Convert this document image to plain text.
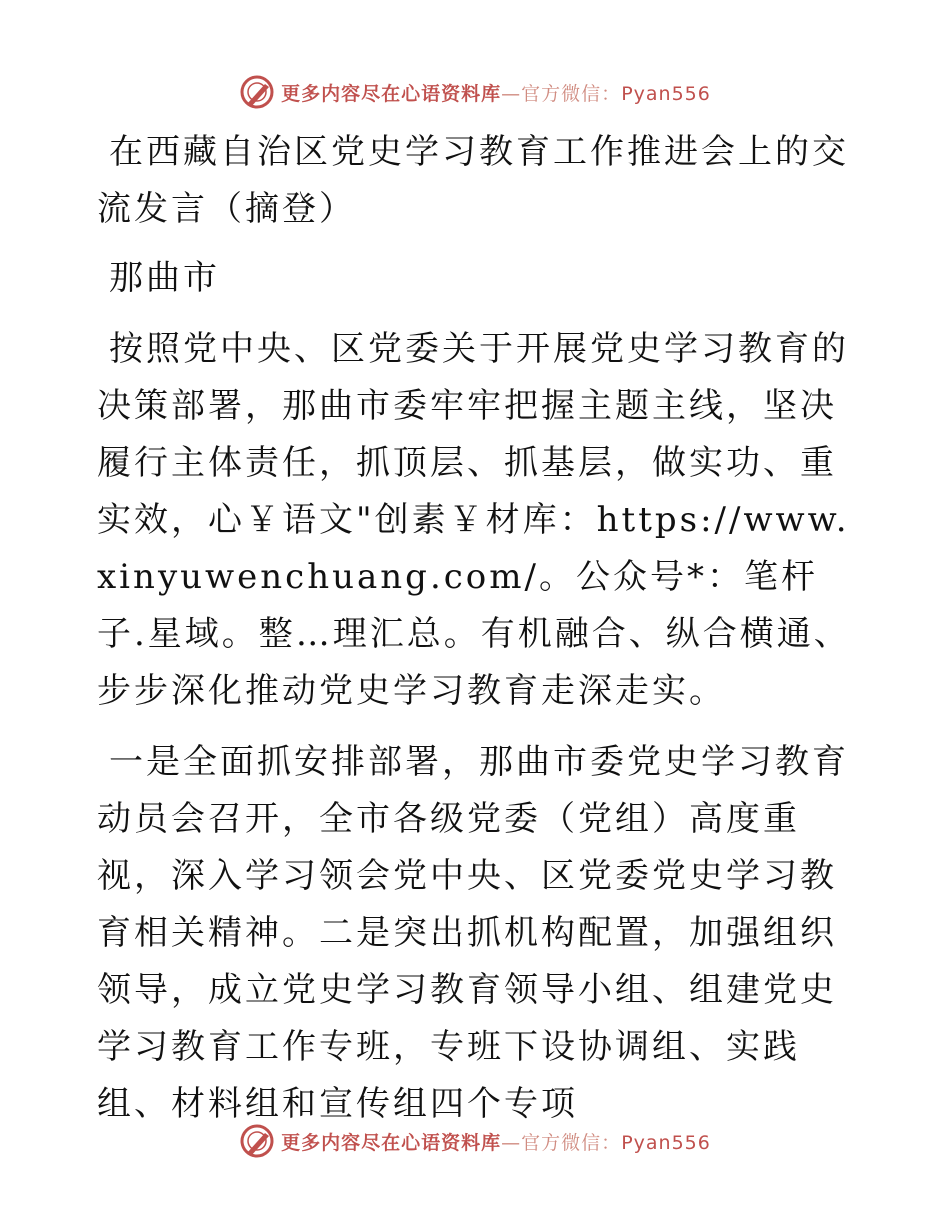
更多内容尽在心语资料库—官方微信：Pyan556

在西藏自治区党史学习教育工作推进会上的交流发言（摘登）

那曲市

按照党中央、区党委关于开展党史学习教育的决策部署，那曲市委牢牢把握主题主线，坚决履行主体责任，抓顶层、抓基层，做实功、重实效，心￥语文"创素￥材库：https://www.xinyuwenchuang.com/。公众号*：笔杆子.星域。整…理汇总。有机融合、纵合横通、步步深化推动党史学习教育走深走实。

一是全面抓安排部署，那曲市委党史学习教育动员会召开，全市各级党委（党组）高度重视，深入学习领会党中央、区党委党史学习教育相关精神。二是突出抓机构配置，加强组织领导，成立党史学习教育领导小组、组建党史学习教育工作专班，专班下设协调组、实践组、材料组和宣传组四个专项

更多内容尽在心语资料库—官方微信：Pyan556
